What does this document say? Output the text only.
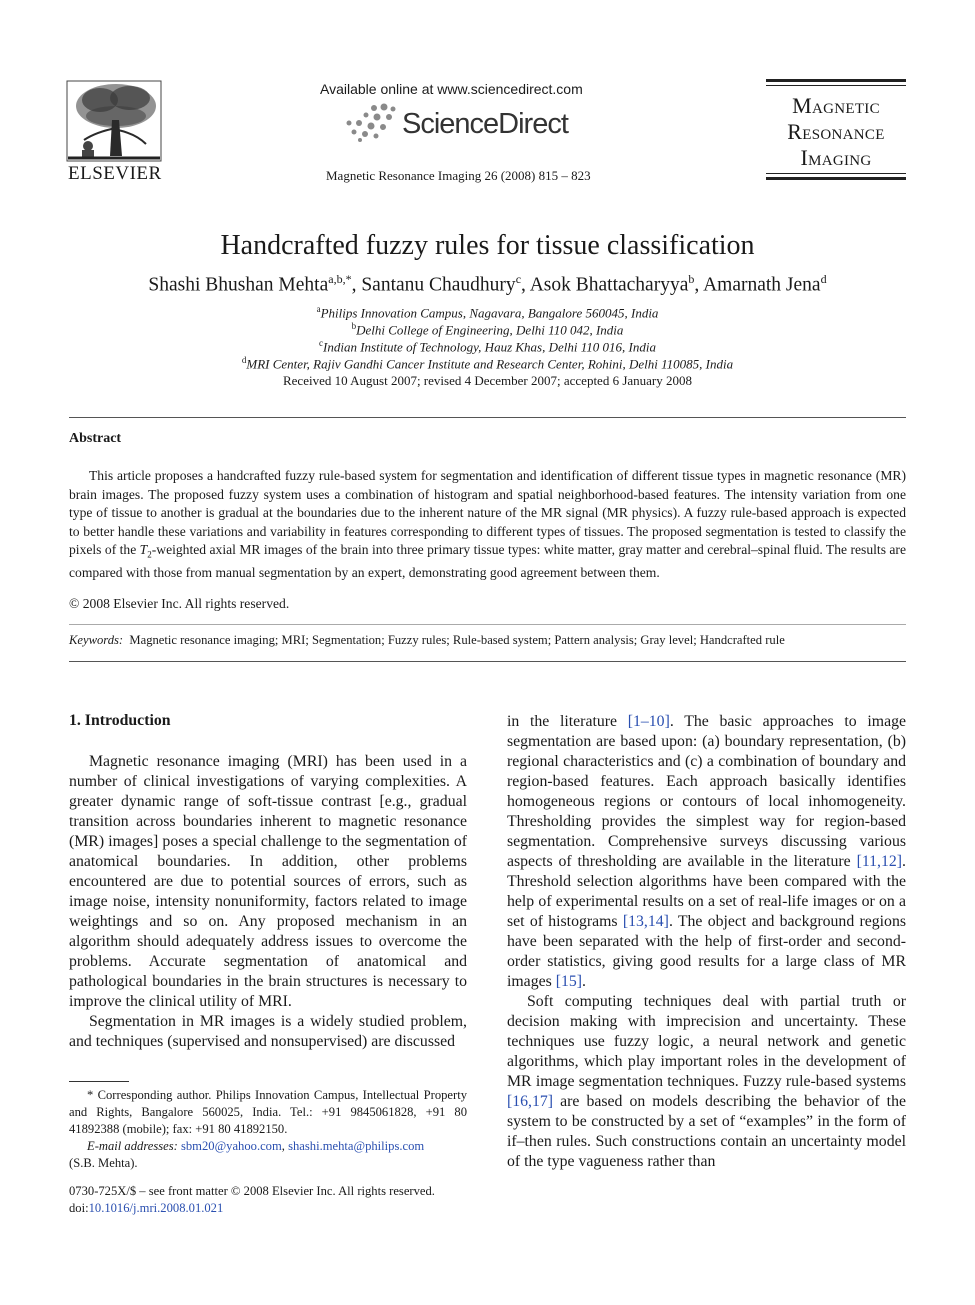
ELSEVIER
Available online at www.sciencedirect.com
ScienceDirect
Magnetic Resonance Imaging 26 (2008) 815 – 823
Magnetic
Resonance
Imaging
Handcrafted fuzzy rules for tissue classification
Shashi Bhushan Mehta$^{a,b,*}$, Santanu Chaudhury$^c$, Asok Bhattacharyya$^b$, Amarnath Jena$^d$
$^a$Philips Innovation Campus, Nagavara, Bangalore 560045, India
$^b$Delhi College of Engineering, Delhi 110 042, India
$^c$Indian Institute of Technology, Hauz Khas, Delhi 110 016, India
$^d$MRI Center, Rajiv Gandhi Cancer Institute and Research Center, Rohini, Delhi 110085, India
Received 10 August 2007; revised 4 December 2007; accepted 6 January 2008
Abstract
This article proposes a handcrafted fuzzy rule-based system for segmentation and identification of different tissue types in magnetic resonance (MR) brain images. The proposed fuzzy system uses a combination of histogram and spatial neighborhood-based features. The intensity variation from one type of tissue to another is gradual at the boundaries due to the inherent nature of the MR signal (MR physics). A fuzzy rule-based approach is expected to better handle these variations and variability in features corresponding to different types of tissues. The proposed segmentation is tested to classify the pixels of the $T_2$-weighted axial MR images of the brain into three primary tissue types: white matter, gray matter and cerebral–spinal fluid. The results are compared with those from manual segmentation by an expert, demonstrating good agreement between them.
© 2008 Elsevier Inc. All rights reserved.
Keywords: Magnetic resonance imaging; MRI; Segmentation; Fuzzy rules; Rule-based system; Pattern analysis; Gray level; Handcrafted rule
1. Introduction

Magnetic resonance imaging (MRI) has been used in a number of clinical investigations of varying complexities. A greater dynamic range of soft-tissue contrast [e.g., gradual transition across boundaries inherent to magnetic resonance (MR) images] poses a special challenge to the segmentation of anatomical boundaries. In addition, other problems encountered are due to potential sources of errors, such as image noise, intensity nonuniformity, factors related to image weightings and so on. Any proposed mechanism in an algorithm should adequately address issues to overcome the problems. Accurate segmentation of anatomical and pathological boundaries in the brain structures is necessary to improve the clinical utility of MRI.

Segmentation in MR images is a widely studied problem, and techniques (supervised and nonsupervised) are discussed

in the literature [1–10]. The basic approaches to image segmentation are based upon: (a) boundary representation, (b) regional characteristics and (c) a combination of boundary and region-based features. Each approach basically identifies homogeneous regions or contours of local inhomogeneity. Thresholding provides the simplest way for region-based segmentation. Comprehensive surveys discussing various aspects of thresholding are available in the literature [11,12]. Threshold selection algorithms have been compared with the help of experimental results on a set of real-life images or on a set of histograms [13,14]. The object and background regions have been separated with the help of first-order and second-order statistics, giving good results for a large class of MR images [15].

Soft computing techniques deal with partial truth or decision making with imprecision and uncertainty. These techniques use fuzzy logic, a neural network and genetic algorithms, which play important roles in the development of MR image segmentation techniques. Fuzzy rule-based systems [16,17] are based on models describing the behavior of the system to be constructed by a set of “examples” in the form of if–then rules. Such constructions contain an uncertainty model of the type vagueness rather than

* Corresponding author. Philips Innovation Campus, Intellectual Property and Rights, Bangalore 560025, India. Tel.: +91 9845061828, +91 80 41892388 (mobile); fax: +91 80 41892150.

E-mail addresses: sbm20@yahoo.com, shashi.mehta@philips.com

(S.B. Mehta).

0730-725X/$ – see front matter © 2008 Elsevier Inc. All rights reserved.
doi:10.1016/j.mri.2008.01.021
